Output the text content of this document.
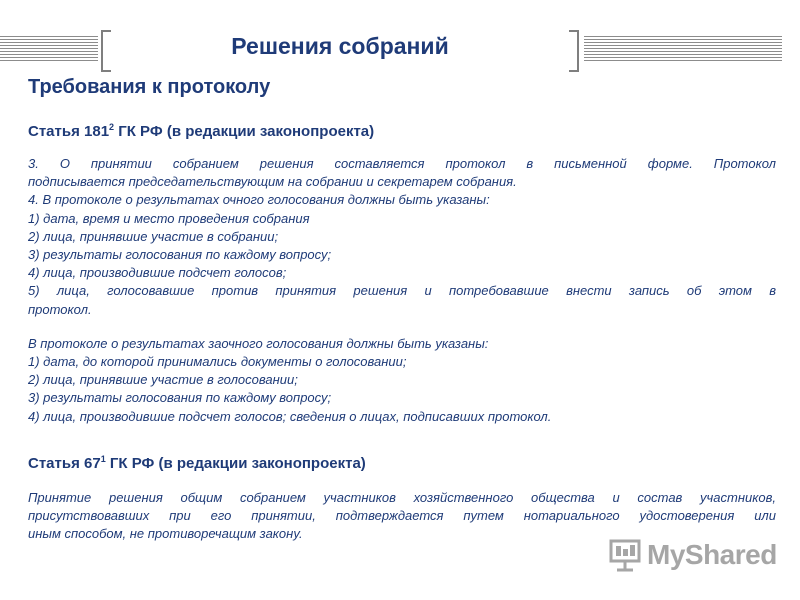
Решения собраний
Требования к протоколу
Статья $181^2$ ГК РФ (в редакции законопроекта)

3. О принятии собранием решения составляется протокол в письменной форме. Протокол

подписывается председательствующим на собрании и секретарем собрания.

4. В протоколе о результатах очного голосования должны быть указаны:

1) дата, время и место проведения собрания

2) лица, принявшие участие в собрании;

3) результаты голосования по каждому вопросу;

4) лица, производившие подсчет голосов;

5) лица, голосовавшие против принятия решения и потребовавшие внести запись об этом в

протокол.

В протоколе о результатах заочного голосования должны быть указаны:

1) дата, до которой принимались документы о голосовании;

2) лица, принявшие участие в голосовании;

3) результаты голосования по каждому вопросу;

4) лица, производившие подсчет голосов; сведения о лицах, подписавших протокол.

Статья $67^1$ ГК РФ (в редакции законопроекта)

Принятие решения общим собранием участников хозяйственного общества и состав участников,

присутствовавших при его принятии, подтверждается путем нотариального удостоверения или

иным способом, не противоречащим закону.

MyShared
